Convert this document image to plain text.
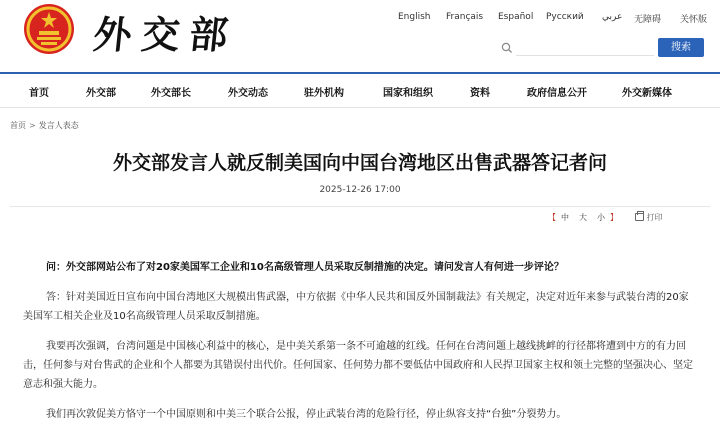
外交部	English Français Español Русский عربي 无障碍 关怀版
搜索
首页	外交部	外交部长	外交动态	驻外机构	国家和组织	资料	政府信息公开	外交新媒体
首页 > 发言人表态
外交部发言人就反制美国向中国台湾地区出售武器答记者问
2025-12-26 17:00
【 中 大 小 】	打印

问：外交部网站公布了对20家美国军工企业和10名高级管理人员采取反制措施的决定。请问发言人有何进一步评论？

答：针对美国近日宣布向中国台湾地区大规模出售武器，中方依据《中华人民共和国反外国制裁法》有关规定，决定对近年来参与武装台湾的20家美国军工相关企业及10名高级管理人员采取反制措施。

我要再次强调，台湾问题是中国核心利益中的核心，是中美关系第一条不可逾越的红线。任何在台湾问题上越线挑衅的行径都将遭到中方的有力回击，任何参与对台售武的企业和个人都要为其错误付出代价。任何国家、任何势力都不要低估中国政府和人民捍卫国家主权和领土完整的坚强决心、坚定意志和强大能力。

我们再次敦促美方恪守一个中国原则和中美三个联合公报，停止武装台湾的危险行径，停止纵容支持“台独”分裂势力。
